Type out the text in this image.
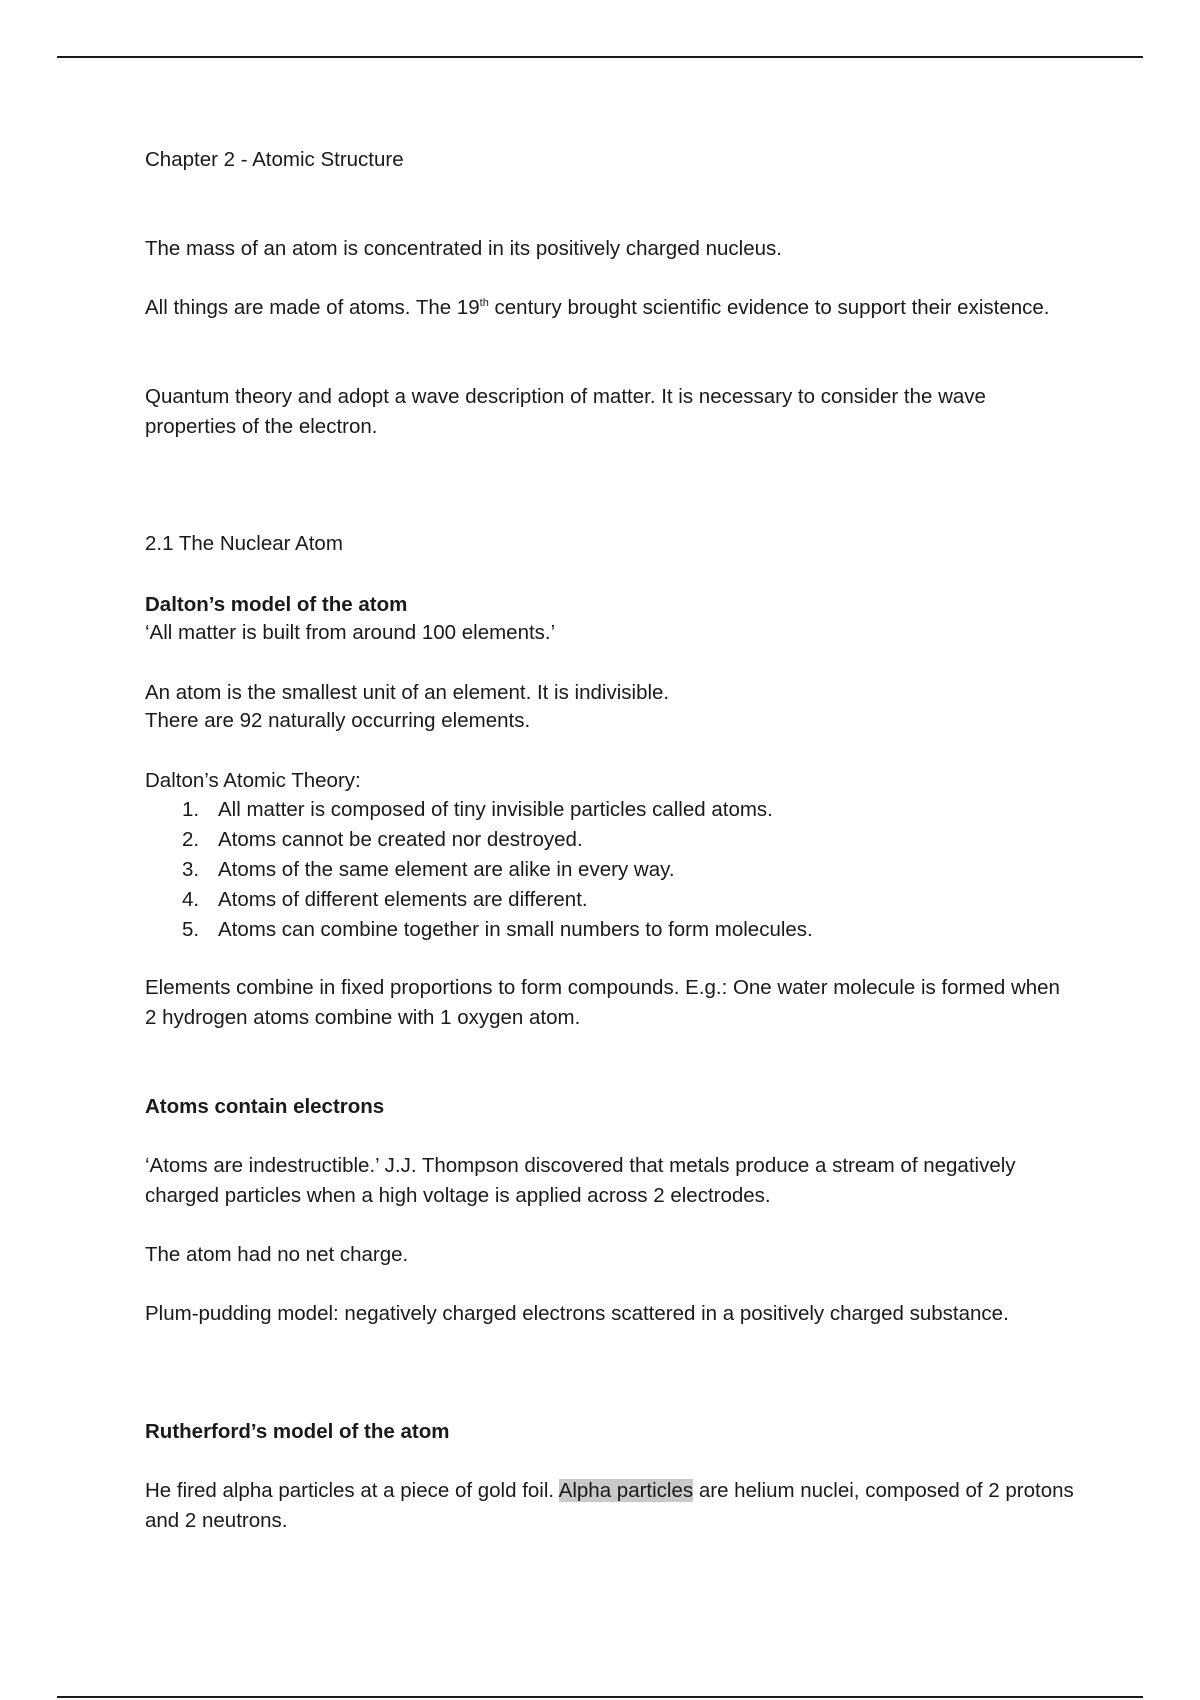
Chapter 2 - Atomic Structure

The mass of an atom is concentrated in its positively charged nucleus.

All things are made of atoms. The 19th century brought scientific evidence to support their existence.

Quantum theory and adopt a wave description of matter. It is necessary to consider the wave properties of the electron.

2.1 The Nuclear Atom

Dalton’s model of the atom

‘All matter is built from around 100 elements.’

An atom is the smallest unit of an element. It is indivisible.

There are 92 naturally occurring elements.

Dalton’s Atomic Theory:

1. All matter is composed of tiny invisible particles called atoms.
2. Atoms cannot be created nor destroyed.
3. Atoms of the same element are alike in every way.
4. Atoms of different elements are different.
5. Atoms can combine together in small numbers to form molecules.

Elements combine in fixed proportions to form compounds. E.g.: One water molecule is formed when 2 hydrogen atoms combine with 1 oxygen atom.

Atoms contain electrons

‘Atoms are indestructible.’ J.J. Thompson discovered that metals produce a stream of negatively charged particles when a high voltage is applied across 2 electrodes.

The atom had no net charge.

Plum-pudding model: negatively charged electrons scattered in a positively charged substance.

Rutherford’s model of the atom

He fired alpha particles at a piece of gold foil. Alpha particles are helium nuclei, composed of 2 protons and 2 neutrons.
